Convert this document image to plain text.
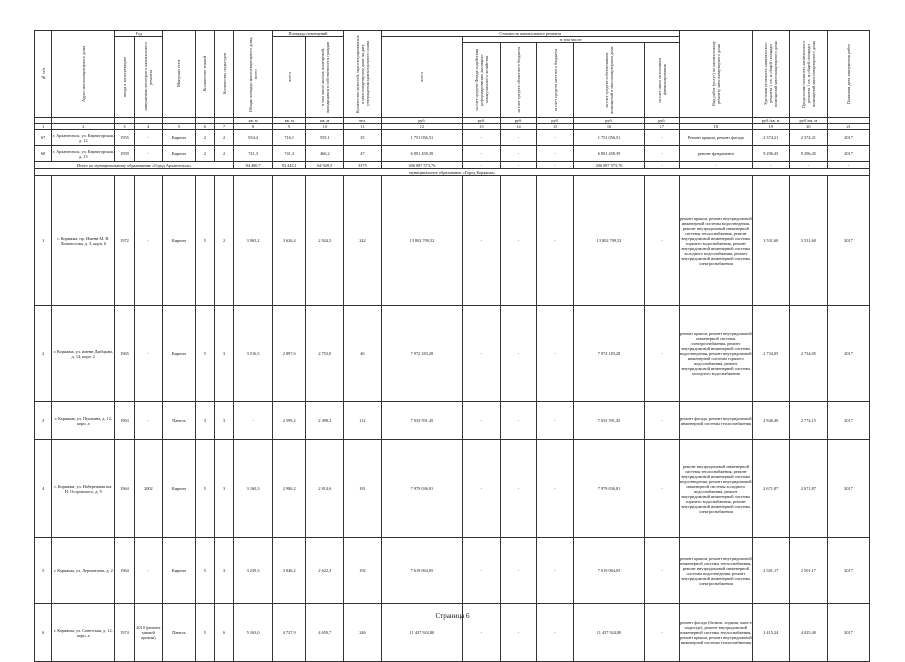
№ п/п	Адрес многоквартирного дома	Год		Материал стен	Количество этажей	Количество подъездов	Общая площадь многоквартирного дома, всего	Площадь помещений		Количество жителей, зарегистрированных в многоквартирном доме на дату утверждения краткосрочного плана	Стоимость капитального ремонта						Вид работ (услуг) по капитальному ремонту многоквартирного дома	Удельная стоимость капитального ремонта 1 кв. м общей площади помещений многоквартирного дома	Предельная стоимость капитального ремонта 1 кв. м общей площади помещений многоквартирного дома	Плановая дата завершения работ

		ввода в эксплуатацию	завершения последнего капитального ремонта					всего	в том числе жилых помещений, находящихся в собственности граждан		всего	в том числе								

												за счет средств Фонда содействия реформированию жилищно-коммунального хозяйства	за счет средств областного бюджета	за счет средств местного бюджета	за счет средств собственников помещений в многоквартирном доме	за счет иных источников финансирования				

							кв. м	кв. м	кв. м	чел.	руб.	руб.	руб.	руб.	руб.	руб.		руб./кв. м	руб./кв. м	
1	2	3	4	5	6	7	8	9	10	11	12	13	14	15	16	17	18	19	20	21
67	г. Архангельск, ул. Карпогорская, д. 12	1955	-	Кирпич	2	2	934,4	716,1	555,1	35	1 751 056,51	-	-	-	1 751 056,51	-	Ремонт крыши, ремонт фасада	2 374,21	2 374,21	2017
68	г. Архангельск, ул. Карпогорская, д. 15	1959	-	Кирпич	2	2	741,3	741,3	466,2	47	6 891 458,39	-	-	-	6 891 458,39	-	ремонт фундамента	9 296,45	9 296,45	2017
Итого по муниципальному образованию «Город Архангельск»							84 480,7	83 443,1	64 928,5	3375	206 087 573,76	-	-	-	206 087 573,76	-	-	-	-	-
муниципальное образование «Город Коряжма»																				
1	г. Коряжма, пр. Имени М. В. Ломоносова, д. 3, корп. 6	1972	-	Кирпич	5	2	3 965,2	3 626,4	2 924,5	242	13 802 709,52	-	-	-	13 802 709,52	-	ремонт крыши, ремонт внутридомовой инженерной системы водоотведения, ремонт внутридомовой инженерной системы теплоснабжения, ремонт внутридомовой инженерной системы горячего водоснабжения, ремонт внутридомовой инженерной системы холодного водоснабжения, ремонт внутридомовой инженерной системы электроснабжения	3 531,60	3 531,60	2017
2	г. Коряжма, ул. имени Дыбцына, д. 14, корп. 2	1965	-	Кирпич	5	3	3 516,5	2 897,6	2 753,0	46	7 972 183,28	-	-	-	7 972 183,28	-	ремонт крыши, ремонт внутридомовой инженерной системы электроснабжения, ремонт внутридомовой инженерной системы водоотведения, ремонт внутридомовой инженерной системы горячего водоснабжения, ремонт внутридомовой инженерной системы холодного водоснабжения	2 734,05	2 734,05	2017
3	г. Коряжма, ул. Пушкина, д. 12, корп. а	1963	-	Панель	3	3	-	2 599,2	2 498,2	112	7 033 591,45	-	-	-	7 033 591,45	-	ремонт фасада, ремонт внутридомовой инженерной системы теплоснабжения	2 840,40	2 774,15	2017
4	г. Коряжма, ул. Набережная им. Н. Островского, д. 9	1964	2002	Кирпич	5	3	3 160,3	2 986,2	2 814,6	181	7 979 036,81	-	-	-	7 979 036,81	-	ремонт внутридомовой инженерной системы теплоснабжения, ремонт внутридомовой инженерной системы водоотведения, ремонт внутридомовой инженерной системы холодного водоснабжения, ремонт внутридомовой инженерной системы горячего водоснабжения, ремонт внутридомовой инженерной системы электроснабжения	2 671,87	2 671,87	2017
5	г. Коряжма, ул. Лермонтова, д. 2	1964	-	Кирпич	5	3	3 239,3	3 046,2	2 622,3	192	7 619 064,05	-	-	-	7 619 064,05	-	ремонт крыши, ремонт внутридомовой инженерной системы теплоснабжения, ремонт внутридомовой инженерной системы водоотведения, ремонт внутридомовой инженерной системы электроснабжения	2 501,17	2 501,17	2017
6	г. Коряжма, ул. Советская, д. 12, корп. а	1974	2010 (ремонт мягкой кровли)	Панель	5	6	5 163,0	4 727,9	4 650,7	246	11 437 924,80	-	-	-	11 437 924,80	-	ремонт фасада (балкон, лоджия, окна в подъезде), ремонт внутридомовой инженерной системы теплоснабжения, ремонт крыши, ремонт внутридомовой инженерной системы теплоснабжения	2 415,24	4 025,40	2017
Страница 6
